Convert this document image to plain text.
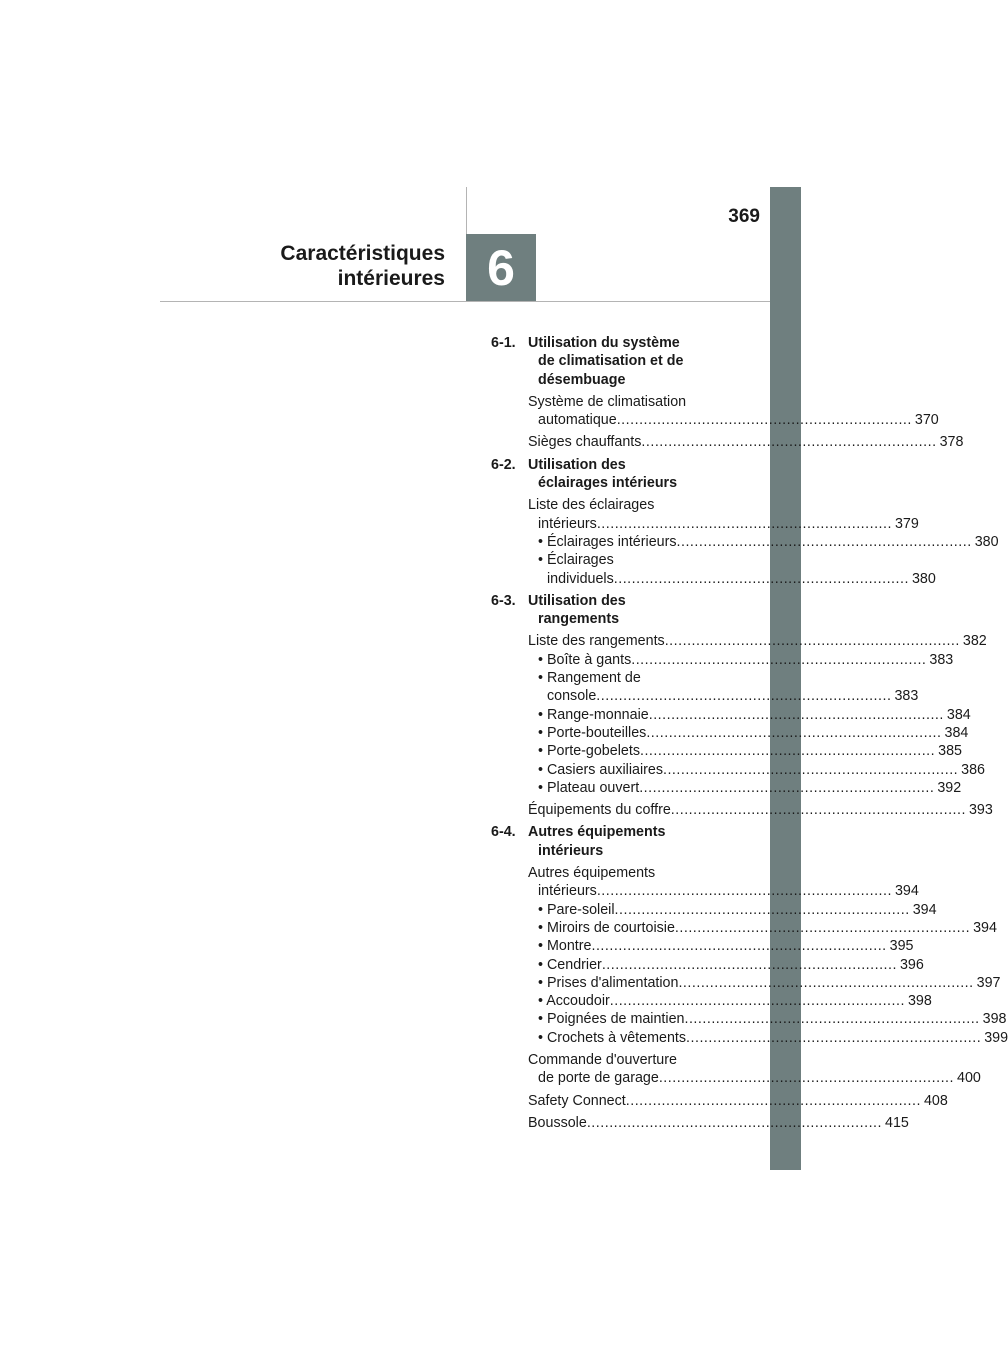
369
Caractéristiques
intérieures 6
6-1. Utilisation du système
de climatisation et de
désembuage
Système de climatisation
automatique .................................................................. 370
Sièges chauffants .................................................................. 378
6-2. Utilisation des
éclairages intérieurs
Liste des éclairages
intérieurs .................................................................. 379
• Éclairages intérieurs .................................................................. 380
• Éclairages
individuels .................................................................. 380
6-3. Utilisation des
rangements
Liste des rangements .................................................................. 382
• Boîte à gants .................................................................. 383
• Rangement de
console .................................................................. 383
• Range-monnaie .................................................................. 384
• Porte-bouteilles .................................................................. 384
• Porte-gobelets .................................................................. 385
• Casiers auxiliaires .................................................................. 386
• Plateau ouvert .................................................................. 392
Équipements du coffre .................................................................. 393
6-4. Autres équipements
intérieurs
Autres équipements
intérieurs .................................................................. 394
• Pare-soleil .................................................................. 394
• Miroirs de courtoisie .................................................................. 394
• Montre .................................................................. 395
• Cendrier .................................................................. 396
• Prises d'alimentation .................................................................. 397
• Accoudoir .................................................................. 398
• Poignées de maintien .................................................................. 398
• Crochets à vêtements .................................................................. 399
Commande d'ouverture
de porte de garage .................................................................. 400
Safety Connect .................................................................. 408
Boussole .................................................................. 415
